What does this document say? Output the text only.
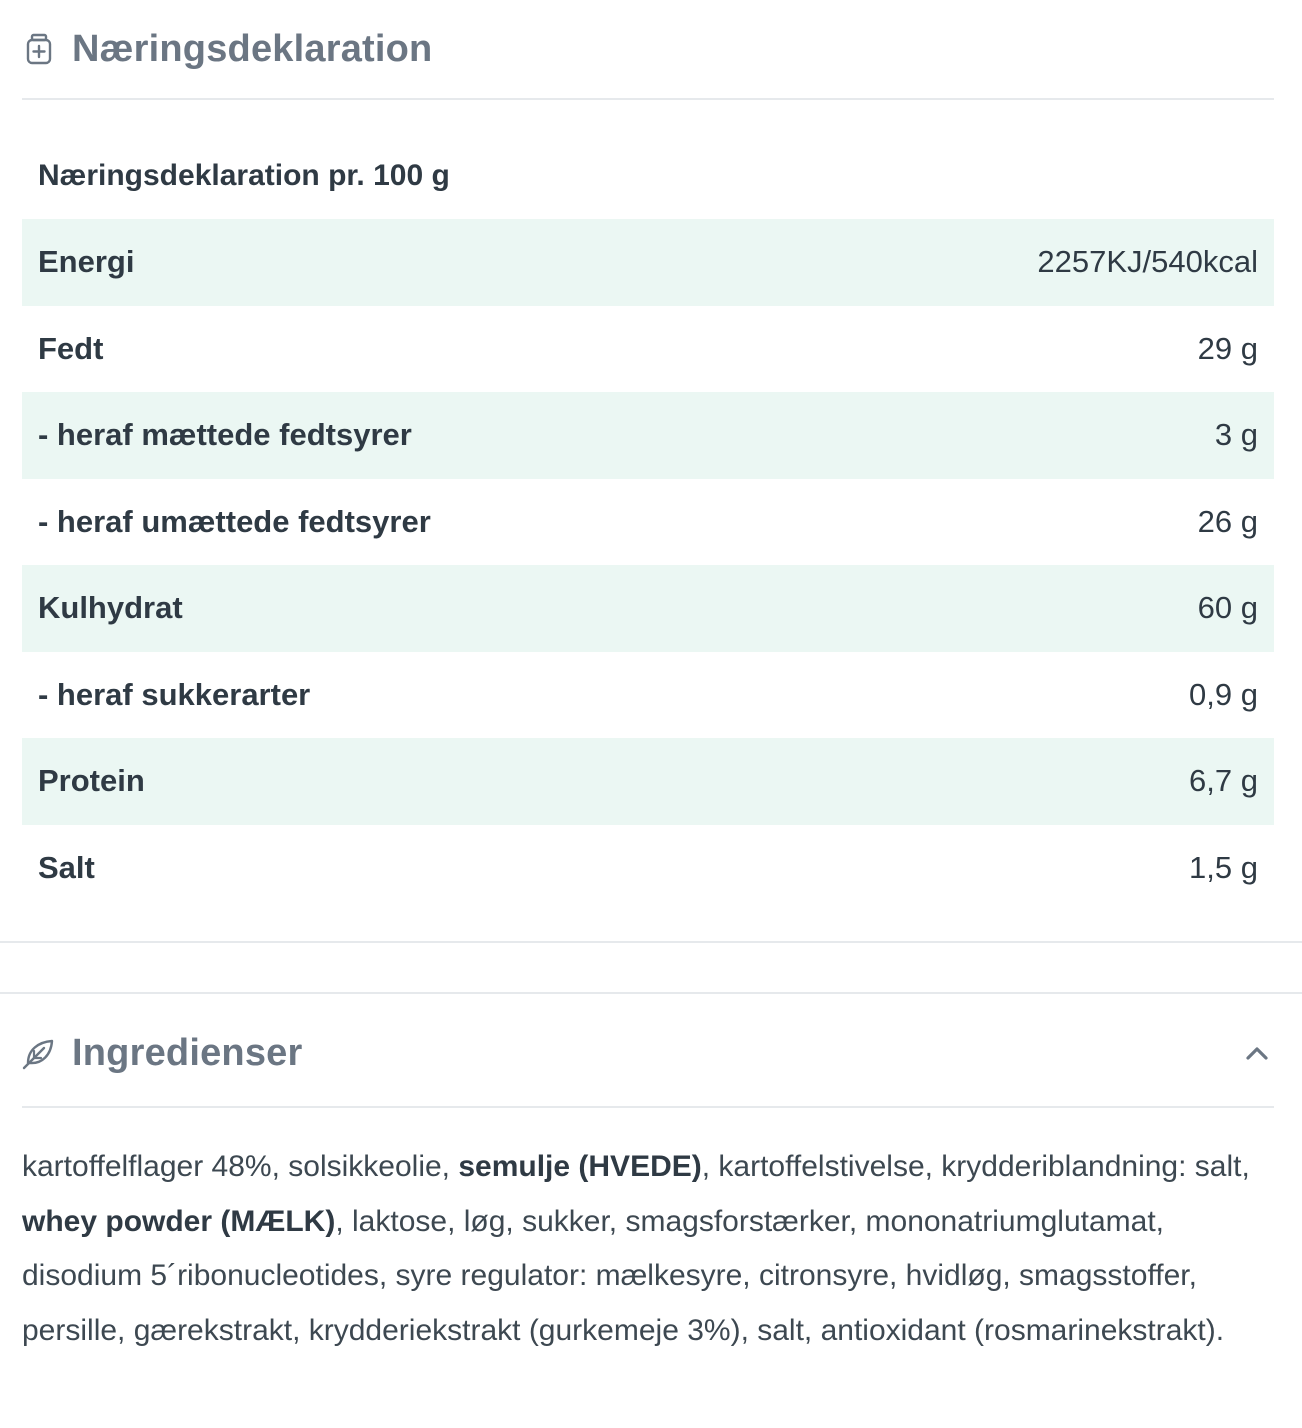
Næringsdeklaration
Næringsdeklaration pr. 100 g
Energi	2257KJ/540kcal
Fedt	29 g
- heraf mættede fedtsyrer	3 g
- heraf umættede fedtsyrer	26 g
Kulhydrat	60 g
- heraf sukkerarter	0,9 g
Protein	6,7 g
Salt	1,5 g
Ingredienser
kartoffelflager 48%, solsikkeolie, semulje (HVEDE), kartoffelstivelse, krydderiblandning: salt, whey powder (MÆLK), laktose, løg, sukker, smagsforstærker, mononatriumglutamat, disodium 5´ribonucleotides, syre regulator: mælkesyre, citronsyre, hvidløg, smagsstoffer, persille, gærekstrakt, krydderiekstrakt (gurkemeje 3%), salt, antioxidant (rosmarinekstrakt).
